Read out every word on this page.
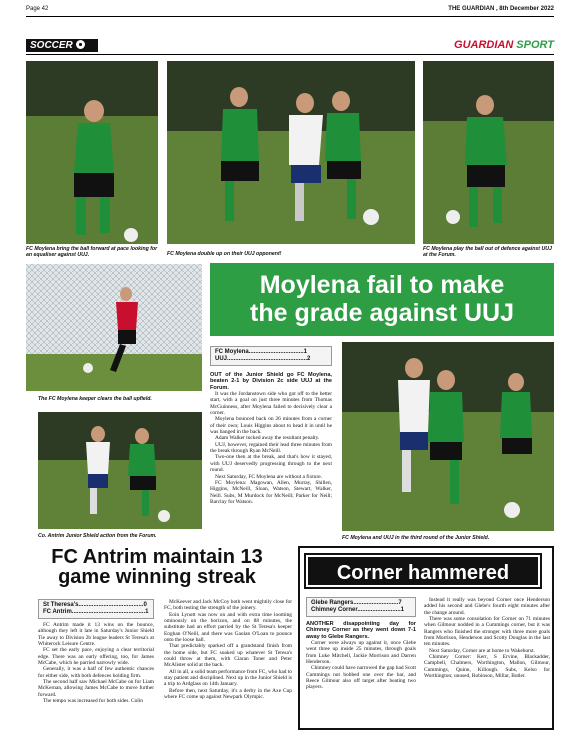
Page 42	THE GUARDIAN , 8th December 2022
SOCCER	GUARDIAN SPORT
FC Moylena bring the ball forward at pace looking for an equaliser against UUJ.	FC Moylena double up on their UUJ opponent!
FC Moylena play the ball out of defence against UUJ at the Forum.
The FC Moylena keeper clears the ball upfield.
Co. Antrim Junior Shield action from the Forum.
Moylena fail to make
the grade against UUJ
FC Moylena.................................1
UUJ................................................2

OUT of the Junior Shield go FC Moylena, beaten 2-1 by Division 2c side UUJ at the Forum.

It was the Jordanstown side who got off to the better start, with a goal on just three minutes from Thomas McGuinness, after Moylena failed to decisively clear a corner.

Moylena bounced back on 26 minutes from a corner of their own; Louis Higgins about to head it in until he was banged in the back.

Adam Walker tucked away the resultant penalty.

UUJ, however, regained their lead three minutes from the break through Ryan McNeill.

Two-one then at the break, and that's how it stayed, with UUJ deservedly progressing through to the next round.

Next Saturday, FC Moylena are without a fixture.

FC Moylena: Magowan, Allen, Murray, Shillen, Higgins, McNeill, Sloan, Watson, Stewart, Walker, Neill. Subs, M Murdock for McNeill; Parker for Neill; Barclay for Watson.

FC Moylena and UUJ in the third round of the Junior Shield.
FC Antrim maintain 13
game winning streak
St Theresa's.......................................0
FC Antrim............................................1

FC Antrim made it 13 wins on the bounce, although they left it late in Saturday's Junior Shield Tie away to Division 2b league leaders St Teresa's at Whiterock Leisure Centre.

FC set the early pace, enjoying a clear territorial edge. There was an early offering, too, for James McCabe, which he parried narrowly wide.

Generally, it was a half of few authentic chances for either side, with both defences holding firm.

The second half saw Michael McCabe on for Liam McKernan, allowing James McCabe to move further forward.

The tempo was increased for both sides. Colin

McKeever and Jack McCoy both went mightily close for FC, both testing the strength of the joinery.

Eoin Lynott was now on and with extra time looming ominously on the horizon, and on 88 minutes, the substitute had an effort parried by the St Teresa's keeper Eoghan O'Neill, and there was Gaolan O'Loan to pounce onto the loose ball.

That predictably sparked off a grandstand finish from the home side, but FC soaked up whatever St Teresa's could throw at them, with Ciaran Toner and Peter McAlister solid at the back.

All in all, a solid team performance from FC, who had to stay patient and disciplined. Next up in the Junior Shield is a trip to Ardglass on 14th January.

Before then, next Saturday, it's a derby in the Axe Cup where FC come up against Newpark Olympic.

Corner hammered
Glebe Rangers...........................7
Chimney Corner..........................1

ANOTHER disappointing day for Chimney Corner as they went down 7-1 away to Glebe Rangers.

Corner were always up against it, once Glebe went three up inside 25 minutes, through goals from Luke Mitchell, Jackie Morrison and Darren Henderson.

Chimney could have narrowed the gap had Scott Cummings not bobbed one over the bar, and Reece Gilmour also off target after beating two players.

Instead it really was beyond Corner once Henderson added his second and Glebe's fourth eight minutes after the change around.

There was some consolation for Corner on 71 minutes when Gilmour nodded in a Cummings corner, but it was Rangers who finished the stronger with three more goals from Morrison, Henderson and Scotty Douglas in the last ten minutes.

Next Saturday, Corner are at home to Wakehurst.

Chimney Corner: Kerr, S Ervine, Blackadder, Campbell, Chalmers, Worthington, Mallon, Gilmour, Cummings, Quinn, Killough. Subs, Kelso for Worthington; unused, Robinson, Millar, Butler.
